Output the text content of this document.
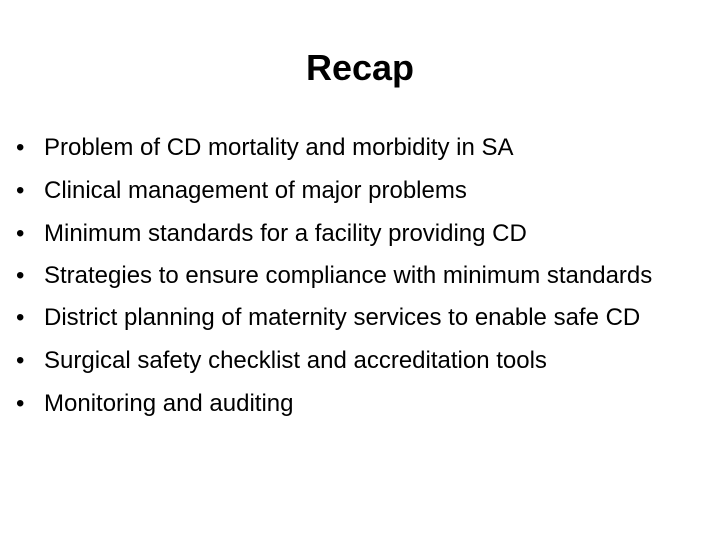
Recap
• Problem of CD mortality and morbidity in SA
• Clinical management of major problems
• Minimum standards for a facility providing CD
• Strategies to ensure compliance with minimum standards
• District planning of maternity services to enable safe CD
• Surgical safety checklist and accreditation tools
• Monitoring and auditing
